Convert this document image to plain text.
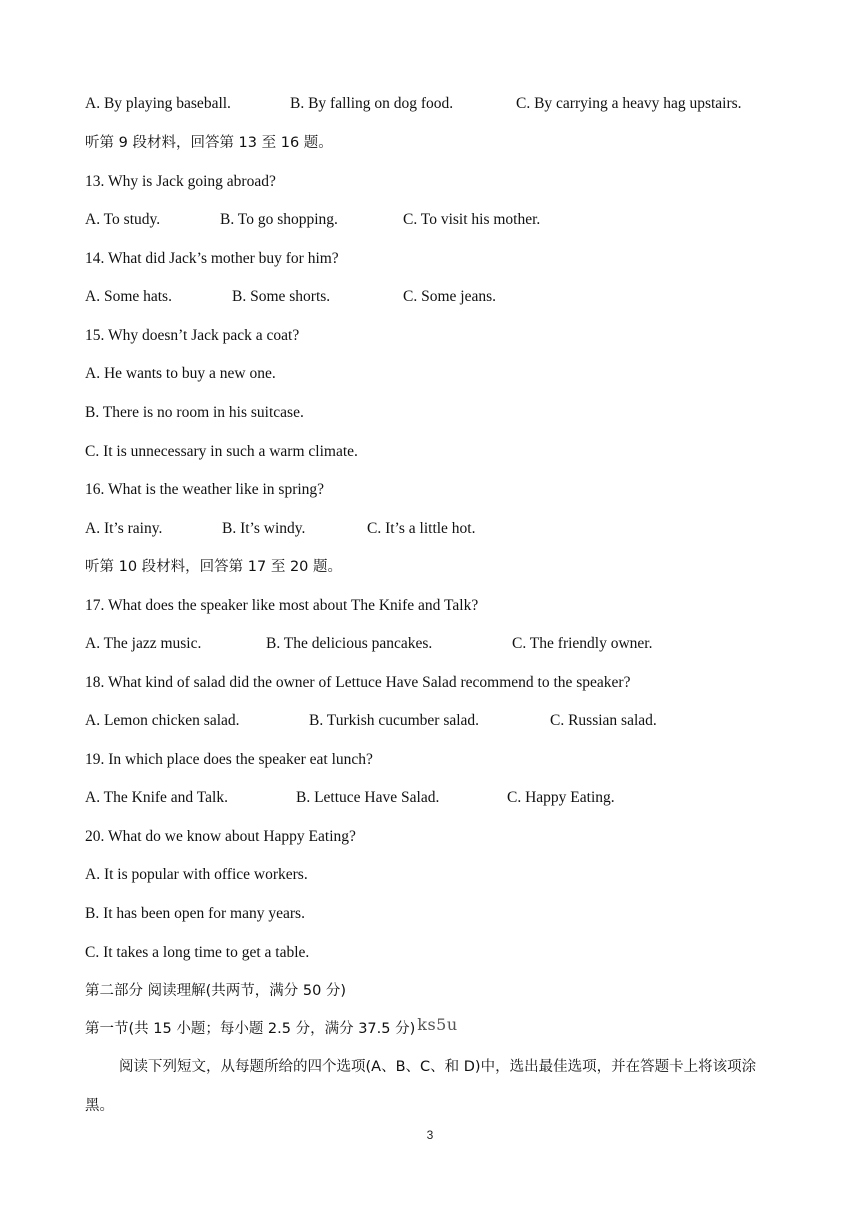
A. By playing baseball.	B. By falling on dog food.	C. By carrying a heavy hag upstairs.
听第 9 段材料，回答第 13 至 16 题。
13. Why is Jack going abroad?
A. To study.	B. To go shopping.	C. To visit his mother.
14. What did Jack’s mother buy for him?
A. Some hats.	B. Some shorts.	C. Some jeans.
15. Why doesn’t Jack pack a coat?
A. He wants to buy a new one.
B. There is no room in his suitcase.
C. It is unnecessary in such a warm climate.
16. What is the weather like in spring?
A. It’s rainy.	B. It’s windy.	C. It’s a little hot.
听第 10 段材料，回答第 17 至 20 题。
17. What does the speaker like most about The Knife and Talk?
A. The jazz music.	B. The delicious pancakes.	C. The friendly owner.
18. What kind of salad did the owner of Lettuce Have Salad recommend to the speaker?
A. Lemon chicken salad.	B. Turkish cucumber salad.	C. Russian salad.
19. In which place does the speaker eat lunch?
A. The Knife and Talk.	B. Lettuce Have Salad.	C. Happy Eating.
20. What do we know about Happy Eating?
A. It is popular with office workers.
B. It has been open for many years.
C. It takes a long time to get a table.
第二部分 阅读理解(共两节，满分 50 分)
第一节(共 15 小题；每小题 2.5 分，满分 37.5 分) ks5u
阅读下列短文，从每题所给的四个选项(A、B、C、和 D)中，选出最佳选项，并在答题卡上将该项涂黑。
3
